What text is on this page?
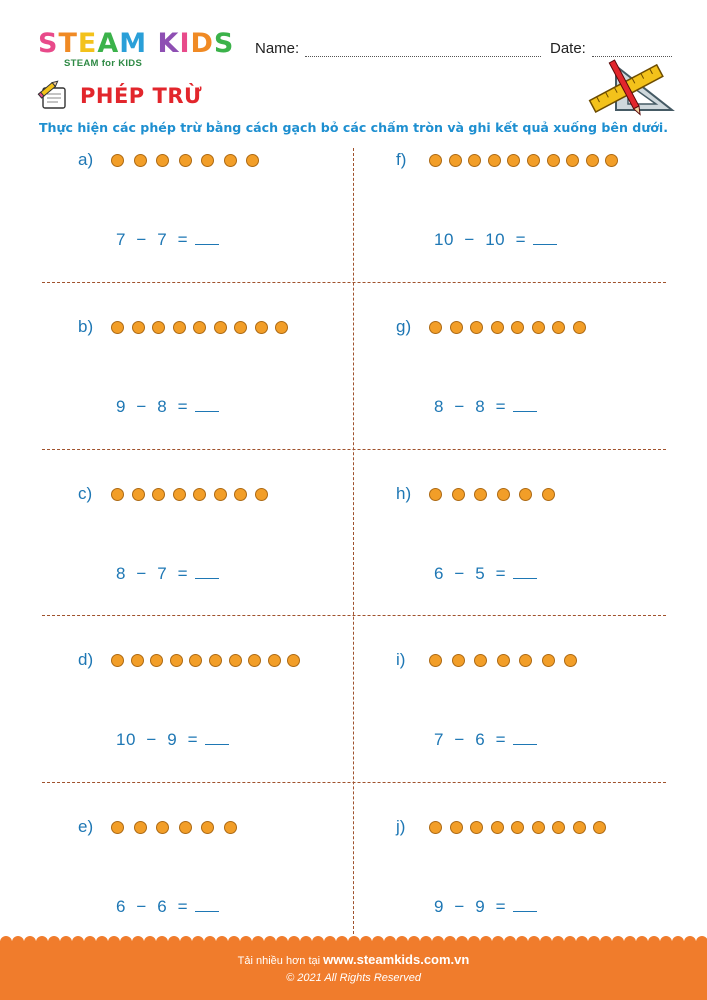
STEAM KIDS
STEAM for KIDS
Name:	Date:
PHÉP TRỪ
Thực hiện các phép trừ bằng cách gạch bỏ các chấm tròn và ghi kết quả xuống bên dưới.
a)
7  −  7  =
f)
10  −  10  =
b)
9  −  8  =
g)
8  −  8  =
c)
8  −  7  =
h)
6  −  5  =
d)
10  −  9  =
i)
7  −  6  =
e)
6  −  6  =
j)
9  −  9  =
Tải nhiều hơn tại www.steamkids.com.vn
© 2021 All Rights Reserved
